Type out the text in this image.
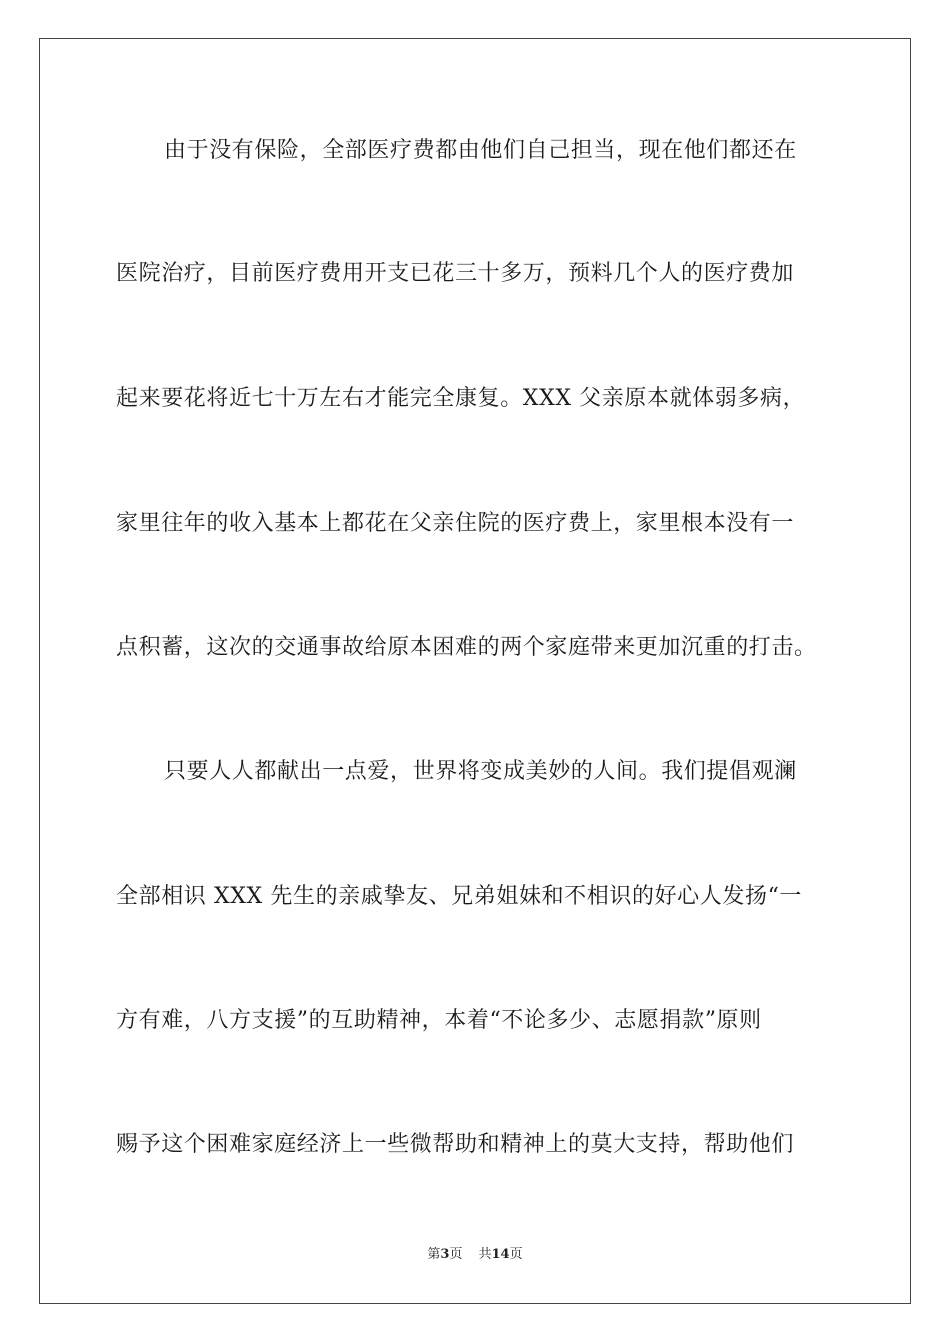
由于没有保险，全部医疗费都由他们自己担当，现在他们都还在
医院治疗，目前医疗费用开支已花三十多万，预料几个人的医疗费加
起来要花将近七十万左右才能完全康复。XXX 父亲原本就体弱多病，
家里往年的收入基本上都花在父亲住院的医疗费上，家里根本没有一
点积蓄，这次的交通事故给原本困难的两个家庭带来更加沉重的打击。
只要人人都献出一点爱，世界将变成美妙的人间。我们提倡观澜
全部相识 XXX 先生的亲戚挚友、兄弟姐妹和不相识的好心人发扬“一
方有难，八方支援”的互助精神，本着“不论多少、志愿捐款”原则
赐予这个困难家庭经济上一些微帮助和精神上的莫大支持，帮助他们
第3页 共14页
